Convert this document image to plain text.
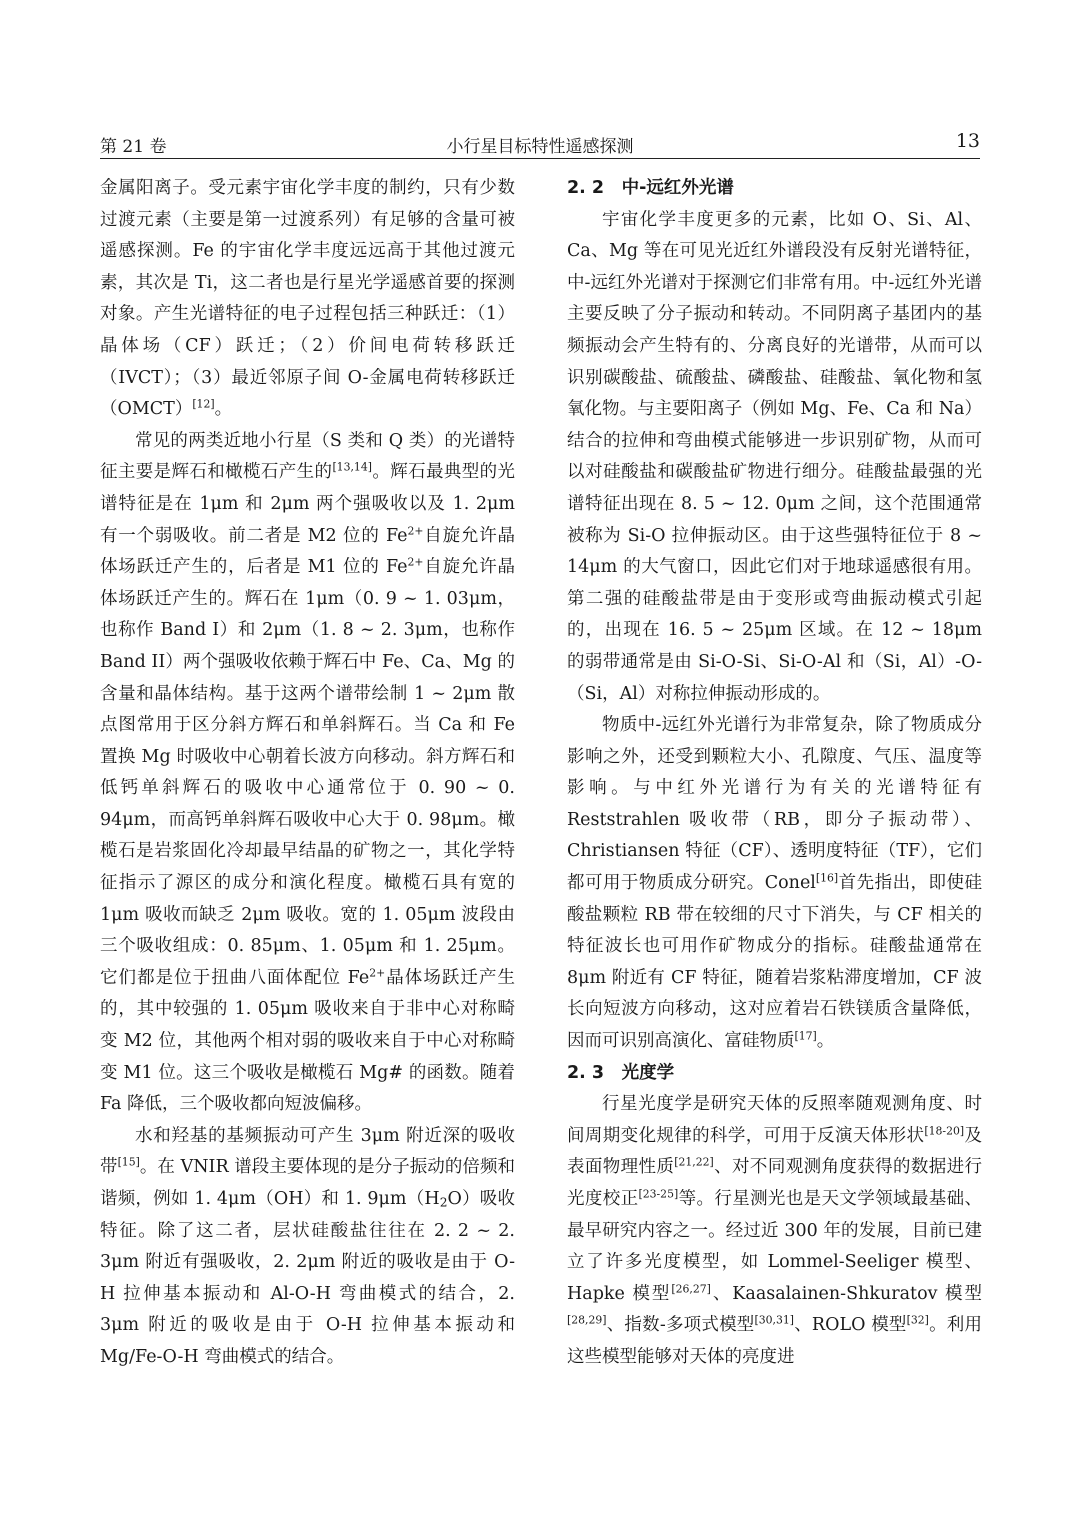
第 21 卷	小行星目标特性遥感探测	13

金属阳离子。受元素宇宙化学丰度的制约，只有少数过渡元素（主要是第一过渡系列）有足够的含量可被遥感探测。Fe 的宇宙化学丰度远远高于其他过渡元素，其次是 Ti，这二者也是行星光学遥感首要的探测对象。产生光谱特征的电子过程包括三种跃迁：（1）晶体场（CF）跃迁；（2）价间电荷转移跃迁（IVCT）；（3）最近邻原子间 O-金属电荷转移跃迁（OMCT）[12]。

常见的两类近地小行星（S 类和 Q 类）的光谱特征主要是辉石和橄榄石产生的[13,14]。辉石最典型的光谱特征是在 1μm 和 2μm 两个强吸收以及 1. 2μm 有一个弱吸收。前二者是 M2 位的 $Fe^{2+}$自旋允许晶体场跃迁产生的，后者是 M1 位的 $Fe^{2+}$自旋允许晶体场跃迁产生的。辉石在 1μm（0. 9 ~ 1. 03μm，也称作 Band I）和 2μm（1. 8 ~ 2. 3μm，也称作 Band II）两个强吸收依赖于辉石中 Fe、Ca、Mg 的含量和晶体结构。基于这两个谱带绘制 1 ~ 2μm 散点图常用于区分斜方辉石和单斜辉石。当 Ca 和 Fe 置换 Mg 时吸收中心朝着长波方向移动。斜方辉石和低钙单斜辉石的吸收中心通常位于 0. 90 ~ 0. 94μm，而高钙单斜辉石吸收中心大于 0. 98μm。橄榄石是岩浆固化冷却最早结晶的矿物之一，其化学特征指示了源区的成分和演化程度。橄榄石具有宽的 1μm 吸收而缺乏 2μm 吸收。宽的 1. 05μm 波段由三个吸收组成：0. 85μm、1. 05μm 和 1. 25μm。它们都是位于扭曲八面体配位 $Fe^{2+}$晶体场跃迁产生的，其中较强的 1. 05μm 吸收来自于非中心对称畸变 M2 位，其他两个相对弱的吸收来自于中心对称畸变 M1 位。这三个吸收是橄榄石 Mg# 的函数。随着 Fa 降低，三个吸收都向短波偏移。

水和羟基的基频振动可产生 3μm 附近深的吸收带[15]。在 VNIR 谱段主要体现的是分子振动的倍频和谐频，例如 1. 4μm（OH）和 1. $9\mu m(H_2O)$吸收特征。除了这二者，层状硅酸盐往往在 2. 2 ~ 2. 3μm 附近有强吸收，2. 2μm 附近的吸收是由于 O-H 拉伸基本振动和 Al-O-H 弯曲模式的结合，2. 3μm 附近的吸收是由于 O-H 拉伸基本振动和 Mg/Fe-O-H 弯曲模式的结合。

2. 2　中-远红外光谱

宇宙化学丰度更多的元素，比如 O、Si、Al、Ca、Mg 等在可见光近红外谱段没有反射光谱特征，中-远红外光谱对于探测它们非常有用。中-远红外光谱主要反映了分子振动和转动。不同阴离子基团内的基频振动会产生特有的、分离良好的光谱带，从而可以识别碳酸盐、硫酸盐、磷酸盐、硅酸盐、氧化物和氢氧化物。与主要阳离子（例如 Mg、Fe、Ca 和 Na）结合的拉伸和弯曲模式能够进一步识别矿物，从而可以对硅酸盐和碳酸盐矿物进行细分。硅酸盐最强的光谱特征出现在 8. 5 ~ 12. 0μm 之间，这个范围通常被称为 Si-O 拉伸振动区。由于这些强特征位于 8 ~ 14μm 的大气窗口，因此它们对于地球遥感很有用。第二强的硅酸盐带是由于变形或弯曲振动模式引起的，出现在 16. 5 ~ 25μm 区域。在 12 ~ 18μm 的弱带通常是由 Si-O-Si、Si-O-Al 和（Si，Al）-O-（Si，Al）对称拉伸振动形成的。

物质中-远红外光谱行为非常复杂，除了物质成分影响之外，还受到颗粒大小、孔隙度、气压、温度等影响。与中红外光谱行为有关的光谱特征有 Reststrahlen 吸收带（RB，即分子振动带）、Christiansen 特征（CF）、透明度特征（TF），它们都可用于物质成分研究。Conel[16]首先指出，即使硅酸盐颗粒 RB 带在较细的尺寸下消失，与 CF 相关的特征波长也可用作矿物成分的指标。硅酸盐通常在 8μm 附近有 CF 特征，随着岩浆粘滞度增加，CF 波长向短波方向移动，这对应着岩石铁镁质含量降低，因而可识别高演化、富硅物质[17]。

2. 3　光度学

行星光度学是研究天体的反照率随观测角度、时间周期变化规律的科学，可用于反演天体形状[18-20]及表面物理性质[21,22]、对不同观测角度获得的数据进行光度校正[23-25]等。行星测光也是天文学领域最基础、最早研究内容之一。经过近 300 年的发展，目前已建立了许多光度模型，如 Lommel-Seeliger 模型、Hapke 模型[26,27]、Kaasalainen-Shkuratov 模型[28,29]、指数-多项式模型[30,31]、ROLO 模型[32]。利用这些模型能够对天体的亮度进
